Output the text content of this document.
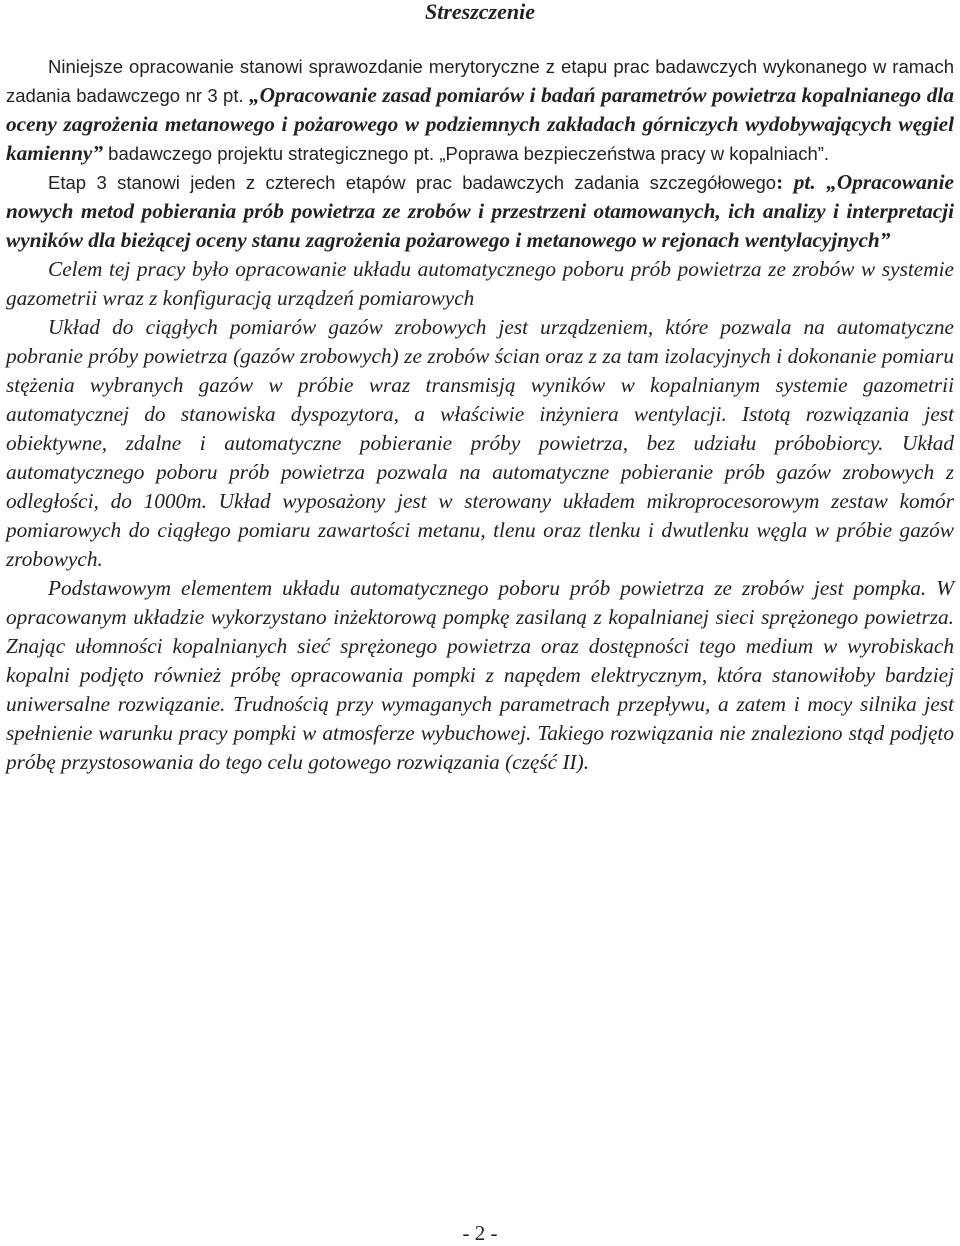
Streszczenie

Niniejsze opracowanie stanowi sprawozdanie merytoryczne z etapu prac badawczych wykonanego w ramach zadania badawczego nr 3 pt. „Opracowanie zasad pomiarów i badań parametrów powietrza kopalnianego dla oceny zagrożenia metanowego i pożarowego w podziemnych zakładach górniczych wydobywających węgiel kamienny” badawczego projektu strategicznego pt. „Poprawa bezpieczeństwa pracy w kopalniach”.

Etap 3 stanowi jeden z czterech etapów prac badawczych zadania szczegółowego: pt. „Opracowanie nowych metod pobierania prób powietrza ze zrobów i przestrzeni otamowanych, ich analizy i interpretacji wyników dla bieżącej oceny stanu zagrożenia pożarowego i metanowego w rejonach wentylacyjnych”

Celem tej pracy było opracowanie układu automatycznego poboru prób powietrza ze zrobów w systemie gazometrii wraz z konfiguracją urządzeń pomiarowych

Układ do ciągłych pomiarów gazów zrobowych jest urządzeniem, które pozwala na automatyczne pobranie próby powietrza (gazów zrobowych) ze zrobów ścian oraz z za tam izolacyjnych i dokonanie pomiaru stężenia wybranych gazów w próbie wraz transmisją wyników w kopalnianym systemie gazometrii automatycznej do stanowiska dyspozytora, a właściwie inżyniera wentylacji. Istotą rozwiązania jest obiektywne, zdalne i automatyczne pobieranie próby powietrza, bez udziału próbobiorcy. Układ automatycznego poboru prób powietrza pozwala na automatyczne pobieranie prób gazów zrobowych z odległości, do 1000m. Układ wyposażony jest w sterowany układem mikroprocesorowym zestaw komór pomiarowych do ciągłego pomiaru zawartości metanu, tlenu oraz tlenku i dwutlenku węgla w próbie gazów zrobowych.

Podstawowym elementem układu automatycznego poboru prób powietrza ze zrobów jest pompka. W opracowanym układzie wykorzystano inżektorową pompkę zasilaną z kopalnianej sieci sprężonego powietrza. Znając ułomności kopalnianych sieć sprężonego powietrza oraz dostępności tego medium w wyrobiskach kopalni podjęto również próbę opracowania pompki z napędem elektrycznym, która stanowiłoby bardziej uniwersalne rozwiązanie. Trudnością przy wymaganych parametrach przepływu, a zatem i mocy silnika jest spełnienie warunku pracy pompki w atmosferze wybuchowej. Takiego rozwiązania nie znaleziono stąd podjęto próbę przystosowania do tego celu gotowego rozwiązania (część II).

- 2 -
